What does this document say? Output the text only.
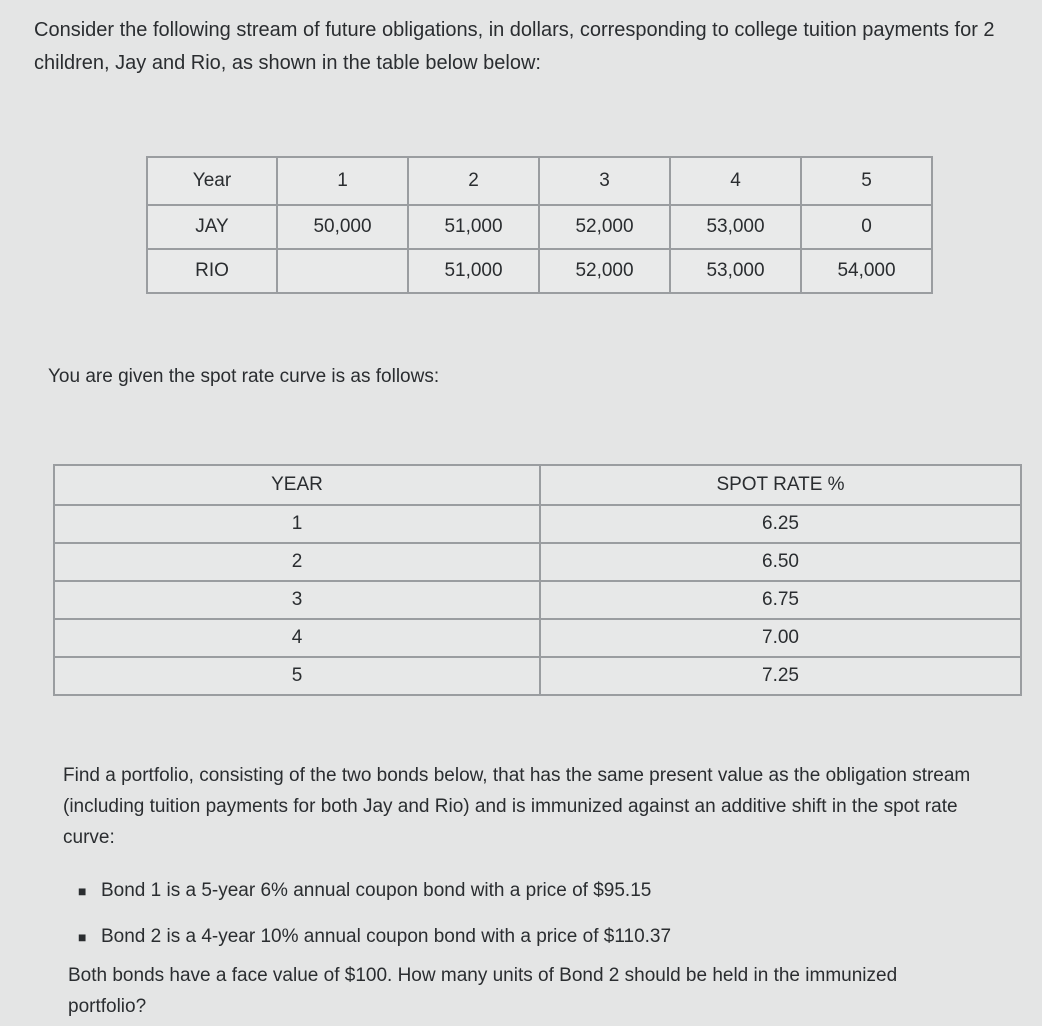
Consider the following stream of future obligations, in dollars, corresponding to college tuition payments for 2 children, Jay and Rio, as shown in the table below below:
Year	1	2	3	4	5
JAY	50,000	51,000	52,000	53,000	0
RIO		51,000	52,000	53,000	54,000
You are given the spot rate curve is as follows:
YEAR	SPOT RATE %
1	6.25
2	6.50
3	6.75
4	7.00
5	7.25
Find a portfolio, consisting of the two bonds below, that has the same present value as the obligation stream (including tuition payments for both Jay and Rio) and is immunized against an additive shift in the spot rate curve:
■ Bond 1 is a 5-year 6% annual coupon bond with a price of $95.15
■ Bond 2 is a 4-year 10% annual coupon bond with a price of $110.37
Both bonds have a face value of $100. How many units of Bond 2 should be held in the immunized portfolio?
